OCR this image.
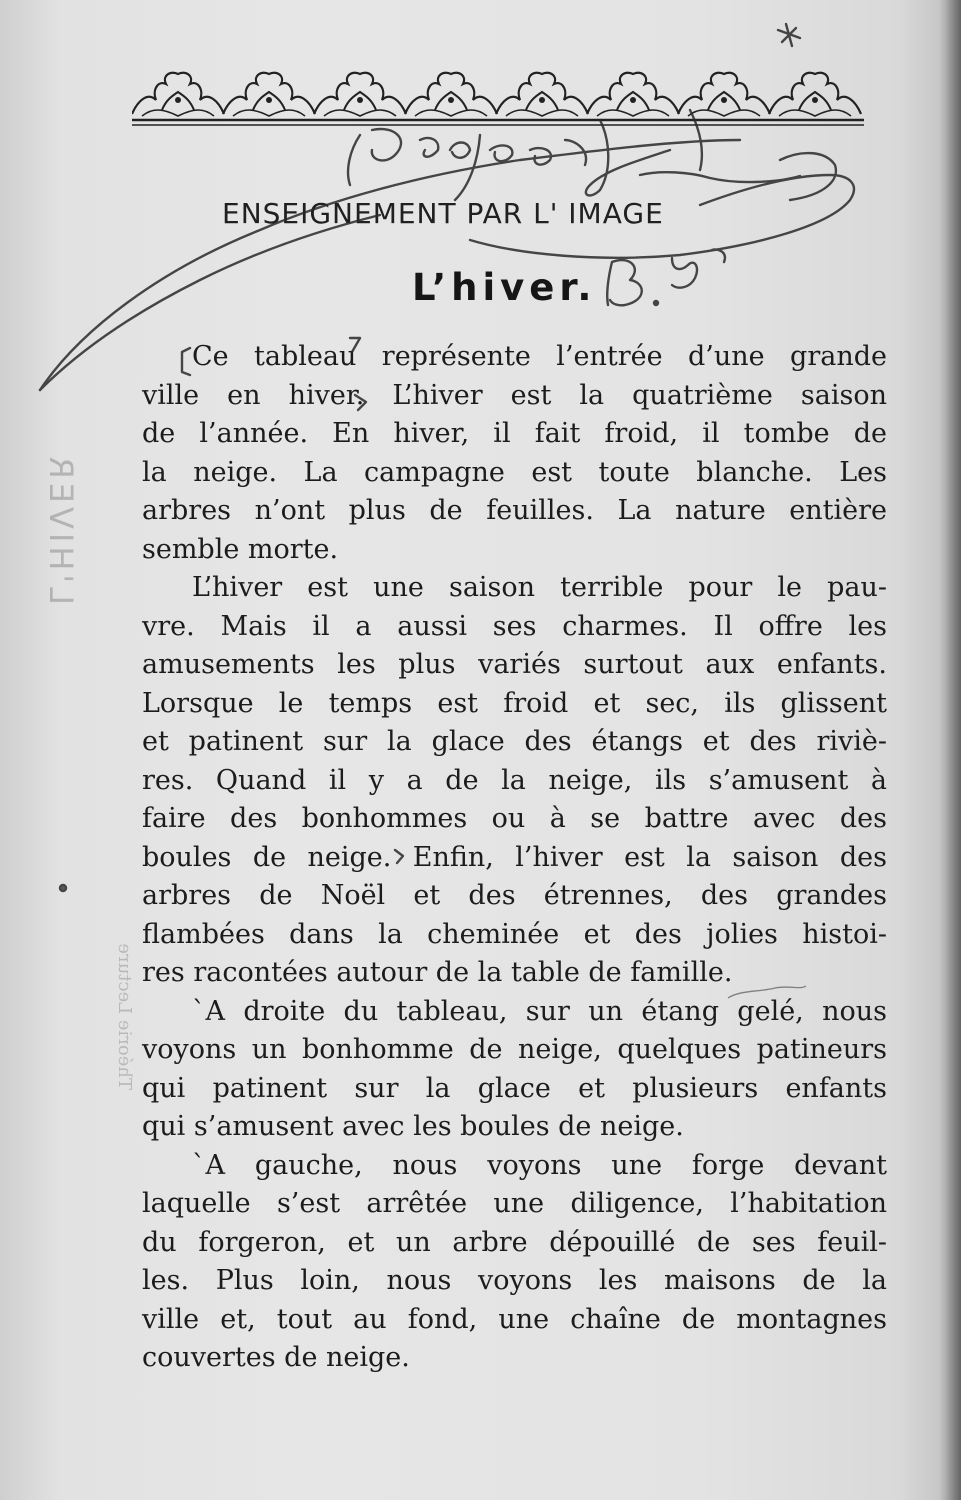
L'HIVER
Théorie Lecture
ENSEIGNEMENT PAR L' IMAGE
L’hiver.
Ce tableau représente l’entrée d’une grande
ville en hiver. L’hiver est la quatrième saison
de l’année. En hiver, il fait froid, il tombe de
la neige. La campagne est toute blanche. Les
arbres n’ont plus de feuilles. La nature entière
semble morte.
L’hiver est une saison terrible pour le pau-
vre. Mais il a aussi ses charmes. Il offre les
amusements les plus variés surtout aux enfants.
Lorsque le temps est froid et sec, ils glissent
et patinent sur la glace des étangs et des riviè-
res. Quand il y a de la neige, ils s’amusent à
faire des bonhommes ou à se battre avec des
boules de neige. Enfin, l’hiver est la saison des
arbres de Noël et des étrennes, des grandes
flambées dans la cheminée et des jolies histoi-
res racontées autour de la table de famille.
`A droite du tableau, sur un étang gelé, nous
voyons un bonhomme de neige, quelques patineurs
qui patinent sur la glace et plusieurs enfants
qui s’amusent avec les boules de neige.
`A gauche, nous voyons une forge devant
laquelle s’est arrêtée une diligence, l’habitation
du forgeron, et un arbre dépouillé de ses feuil-
les. Plus loin, nous voyons les maisons de la
ville et, tout au fond, une chaîne de montagnes
couvertes de neige.
